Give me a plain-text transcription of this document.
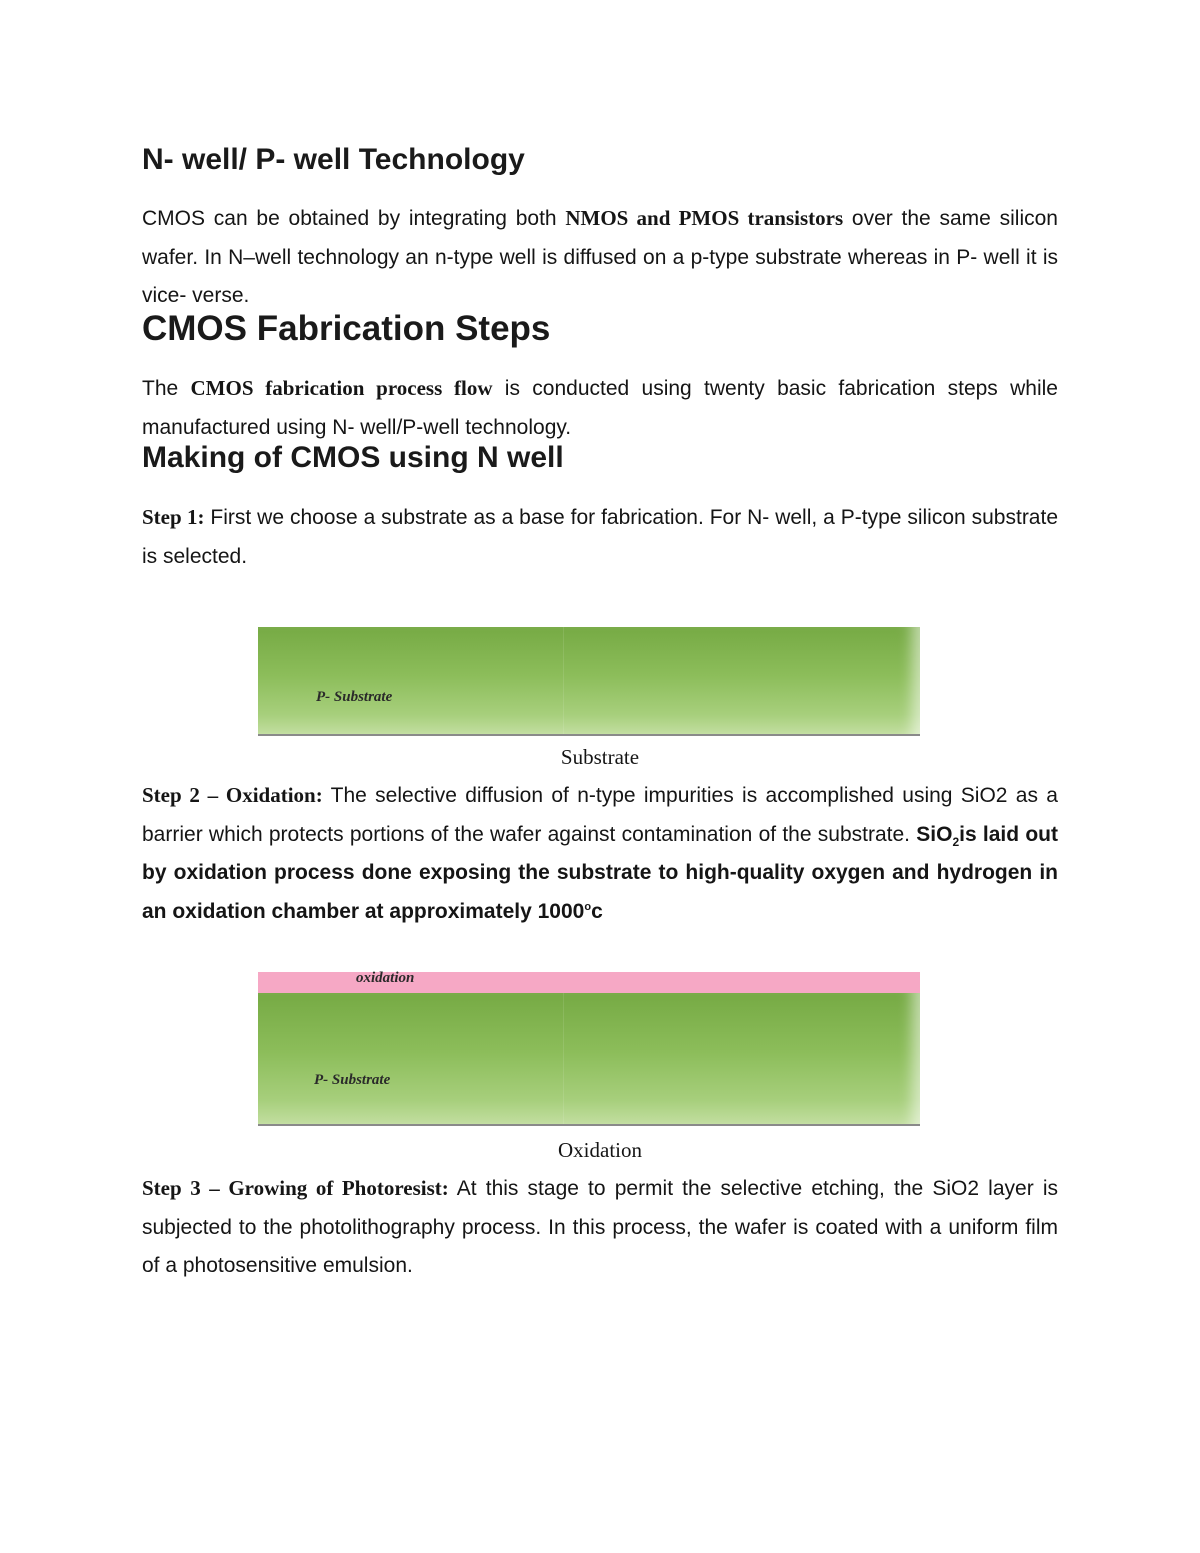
N- well/ P- well Technology
CMOS can be obtained by integrating both NMOS and PMOS transistors over the same silicon wafer. In N–well technology an n-type well is diffused on a p-type substrate whereas in P- well it is vice- verse.
CMOS Fabrication Steps
The CMOS fabrication process flow is conducted using twenty basic fabrication steps while manufactured using N- well/P-well technology.
Making of CMOS using N well
Step 1: First we choose a substrate as a base for fabrication. For N- well, a P-type silicon substrate is selected.
Substrate
Step 2 – Oxidation: The selective diffusion of n-type impurities is accomplished using SiO2 as a barrier which protects portions of the wafer against contamination of the substrate. SiO$_2$is laid out by oxidation process done exposing the substrate to high-quality oxygen and hydrogen in an oxidation chamber at approximately 1000$^o$c
Oxidation
Step 3 – Growing of Photoresist: At this stage to permit the selective etching, the SiO2 layer is subjected to the photolithography process. In this process, the wafer is coated with a uniform film of a photosensitive emulsion.
P- Substrate
oxidation
P- Substrate
